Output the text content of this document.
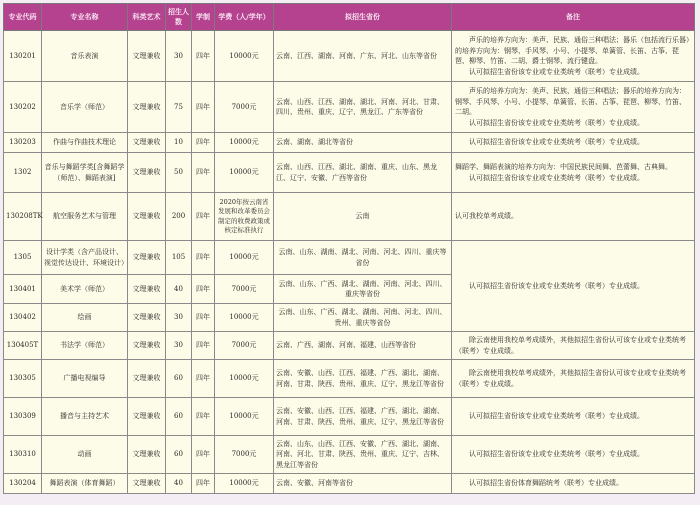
专业代码	专业名称	科类艺术	招生人数	学制	学费（人/学年）	拟招生省份	备注
130201	音乐表演	文理兼收	30	四年	10000元	云南、江西、湖南、河南、广东、河北、山东等省份	声乐的培养方向为：美声、民族、通俗三种唱法；器乐（包括流行乐器）的培养方向为：钢琴、手风琴、小号、小提琴、单簧管、长笛、古筝、琵琶、柳琴、竹笛、二胡、爵士钢琴、流行键盘。

认可拟招生省份该专业或专业类统考（联考）专业成绩。

130202	音乐学（师范）	文理兼收	75	四年	7000元	云南、山西、江西、湖南、湖北、河南、河北、甘肃、四川、贵州、重庆、辽宁、黑龙江、广东等省份	声乐的培养方向为：美声、民族、通俗三种唱法；器乐的培养方向为：钢琴、手风琴、小号、小提琴、单簧管、长笛、古筝、琵琶、柳琴、竹笛、二胡。

认可拟招生省份该专业或专业类统考（联考）专业成绩。

130203	作曲与作曲技术理论	文理兼收	10	四年	10000元	云南、湖南、湖北等省份	认可拟招生省份该专业或专业类统考（联考）专业成绩。

1302	音乐与舞蹈学类[含舞蹈学（师范）、舞蹈表演]	文理兼收	50	四年	10000元	云南、山西、江西、湖北、湖南、重庆、山东、黑龙江、辽宁、安徽、广西等省份	舞蹈学、舞蹈表演的培养方向为：中国民族民间舞、芭蕾舞、古典舞。

认可拟招生省份该专业或专业类统考（联考）专业成绩。

130208TK	航空服务艺术与管理	文理兼收	200	四年	2020年按云南省发展和改革委员会制定的收费政策或核定标准执行	云南	认可我校单考成绩。

1305	设计学类（含产品设计、视觉传达设计、环境设计）	文理兼收	105	四年	10000元	云南、山东、湖南、湖北、河南、河北、四川、重庆等省份	认可拟招生省份该专业或专业类统考（联考）专业成绩。

130401	美术学（师范）	文理兼收	40	四年	7000元	云南、山东、广西、湖北、湖南、河南、河北、四川、重庆等省份	
130402	绘画	文理兼收	30	四年	10000元	云南、山东、广西、湖北、湖南、河南、河北、四川、贵州、重庆等省份	
130405T	书法学（师范）	文理兼收	30	四年	7000元	云南、广西、湖南、河南、福建、山西等省份	除云南使用我校单考成绩外，其他拟招生省份认可该专业或专业类统考（联考）专业成绩。

130305	广播电视编导	文理兼收	60	四年	10000元	云南、安徽、山西、江西、福建、广西、湖北、湖南、河南、甘肃、陕西、贵州、重庆、辽宁、黑龙江等省份	除云南使用我校单考成绩外，其他拟招生省份认可该专业或专业类统考（联考）专业成绩。

130309	播音与主持艺术	文理兼收	60	四年	10000元	云南、安徽、山西、江西、福建、广西、湖北、湖南、河南、甘肃、陕西、贵州、重庆、辽宁、黑龙江等省份	认可拟招生省份该专业或专业类统考（联考）专业成绩。

130310	动画	文理兼收	60	四年	7000元	云南、山东、山西、江西、安徽、广西、湖北、湖南、河南、河北、甘肃、陕西、贵州、重庆、辽宁、吉林、黑龙江等省份	认可拟招生省份该专业或专业类统考（联考）专业成绩。

130204	舞蹈表演（体育舞蹈）	文理兼收	40	四年	10000元	云南、安徽、河南等省份	认可拟招生省份体育舞蹈统考（联考）专业成绩。
